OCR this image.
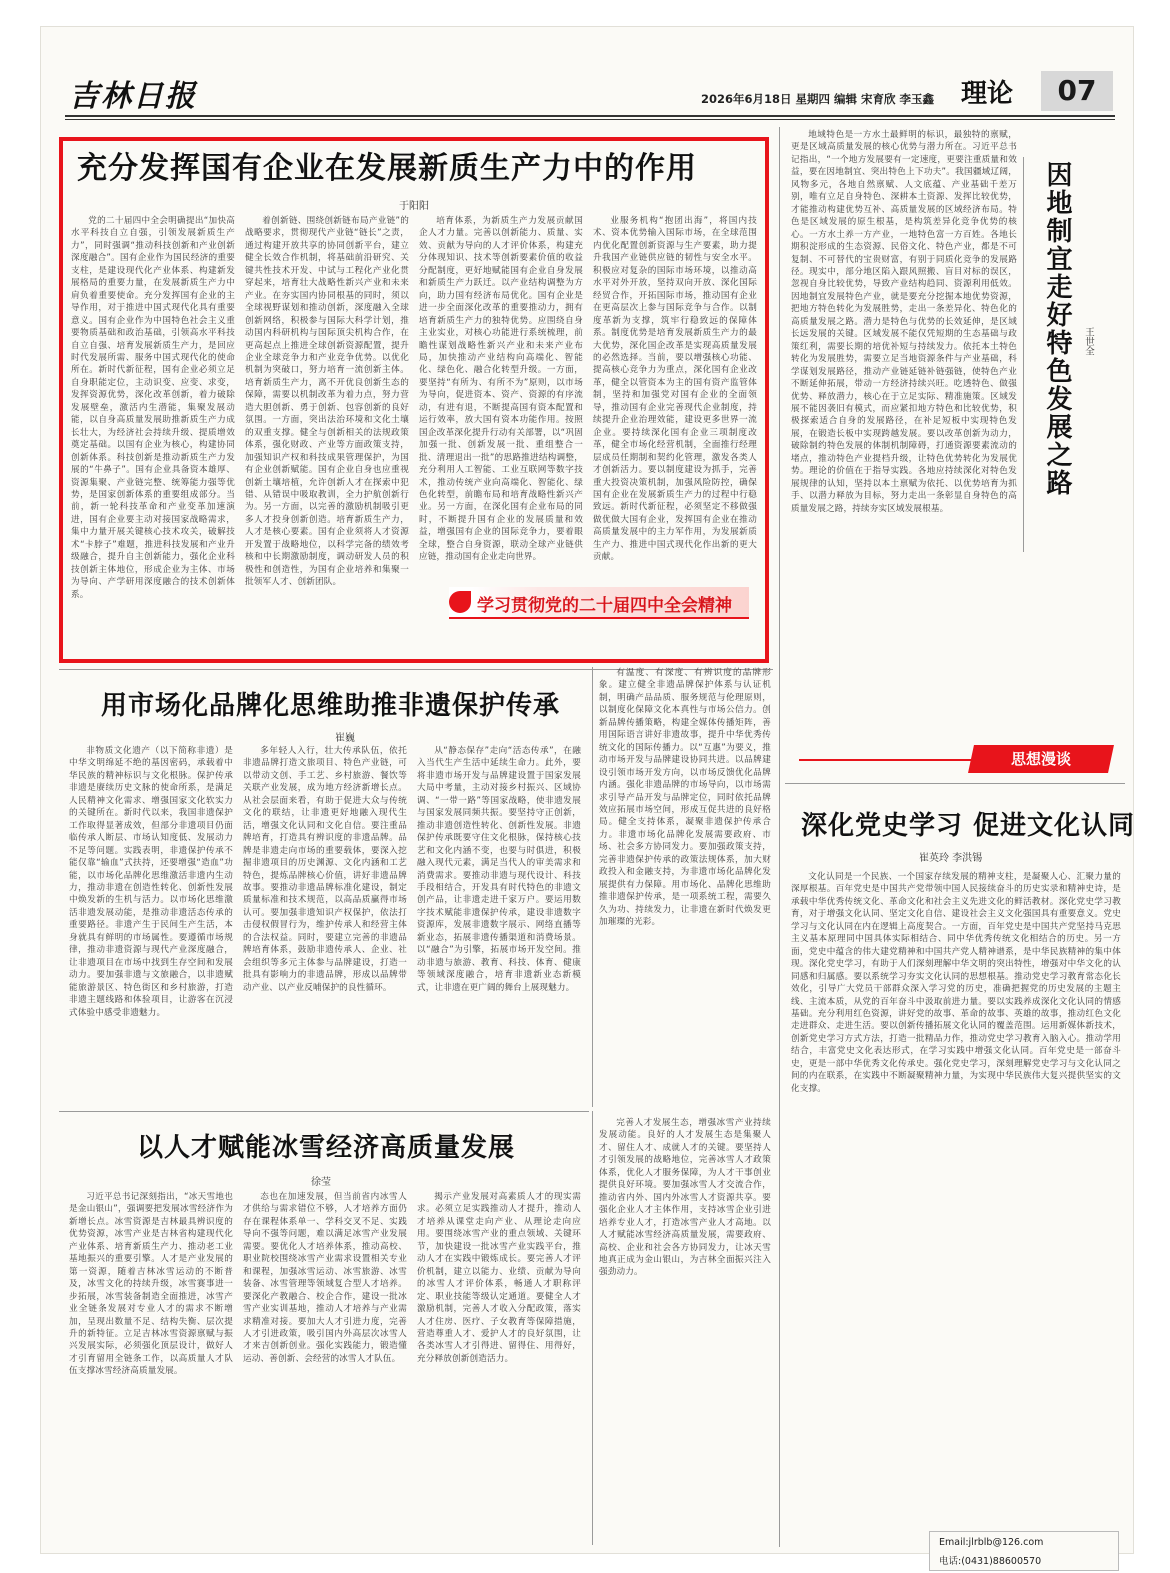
吉林日报	2026年6月18日 星期四 编辑 宋育欣 李玉鑫 理论	07
充分发挥国有企业在发展新质生产力中的作用
于阳阳

党的二十届四中全会明确提出“加快高水平科技自立自强，引领发展新质生产力”，同时强调“推动科技创新和产业创新深度融合”。国有企业作为国民经济的重要支柱，是建设现代化产业体系、构建新发展格局的重要力量，在发展新质生产力中肩负着重要使命。充分发挥国有企业的主导作用，对于推进中国式现代化具有重要意义。国有企业作为中国特色社会主义重要物质基础和政治基础，引领高水平科技自立自强、培育发展新质生产力，是回应时代发展所需、服务中国式现代化的使命所在。新时代新征程，国有企业必须立足自身职能定位，主动识变、应变、求变，发挥资源优势，深化改革创新，着力破除发展壁垒，激活内生潜能，集聚发展动能，以自身高质量发展助推新质生产力成长壮大，为经济社会持续升级、提质增效奠定基础。以国有企业为核心，构建协同创新体系。科技创新是推动新质生产力发展的“牛鼻子”。国有企业具备资本雄厚、资源集聚、产业链完整、统筹能力强等优势，是国家创新体系的重要组成部分。当前，新一轮科技革命和产业变革加速演进，国有企业要主动对接国家战略需求，集中力量开展关键核心技术攻关，破解技术“卡脖子”难题，推进科技发展和产业升级融合，提升自主创新能力，强化企业科技创新主体地位，形成企业为主体、市场为导向、产学研用深度融合的技术创新体系。

着创新链、围绕创新链布局产业链”的战略要求，贯彻现代产业链“链长”之责，通过构建开放共享的协同创新平台，建立健全长效合作机制，将基础前沿研究、关键共性技术开发、中试与工程化产业化贯穿起来，培育壮大战略性新兴产业和未来产业。在夯实国内协同根基的同时，须以全球视野谋划和推动创新，深度融入全球创新网络，积极参与国际大科学计划，推动国内科研机构与国际顶尖机构合作，在更高起点上推进全球创新资源配置，提升企业全球竞争力和产业竞争优势。以优化机制为突破口，努力培育一流创新主体。培育新质生产力，离不开优良创新生态的保障，需要以机制改革为着力点，努力营造大胆创新、勇于创新、包容创新的良好氛围。一方面，突出法治环境和文化土壤的双重支撑。健全与创新相关的法规政策体系，强化财政、产业等方面政策支持，加强知识产权和科技成果管理保护，为国有企业创新赋能。国有企业自身也应重视创新土壤培植，允许创新人才在探索中犯错、从错误中吸取教训，全力护航创新行为。另一方面，以完善的激励机制吸引更多人才投身创新创造。培育新质生产力，人才是核心要素。国有企业须将人才资源开发置于战略地位，以科学完备的绩效考核和中长期激励制度，调动研发人员的积极性和创造性，为国有企业培养和集聚一批领军人才、创新团队。

培育体系，为新质生产力发展贡献国企人才力量。完善以创新能力、质量、实效、贡献为导向的人才评价体系，构建充分体现知识、技术等创新要素价值的收益分配制度，更好地赋能国有企业自身发展和新质生产力跃迁。以产业结构调整为方向，助力国有经济布局优化。国有企业是进一步全面深化改革的重要推动力，拥有培育新质生产力的独特优势。应围绕自身主业实业，对核心功能进行系统梳理，前瞻性谋划战略性新兴产业和未来产业布局，加快推动产业结构向高端化、智能化、绿色化、融合化转型升级。一方面，要坚持“有所为、有所不为”原则，以市场为导向，促进资本、资产、资源的有序流动，有进有退，不断提高国有资本配置和运行效率，放大国有资本功能作用。按照国企改革深化提升行动有关部署，以“巩固加强一批、创新发展一批、重组整合一批、清理退出一批”的思路推进结构调整，充分利用人工智能、工业互联网等数字技术，推动传统产业向高端化、智能化、绿色化转型，前瞻布局和培育战略性新兴产业。另一方面，在深化国有企业布局的同时，不断提升国有企业的发展质量和效益，增强国有企业的国际竞争力，要着眼全球，整合自身资源，联动全球产业链供应链，推动国有企业走向世界。

业服务机构“抱团出海”，将国内技术、资本优势输入国际市场，在全球范围内优化配置创新资源与生产要素，助力提升我国产业链供应链的韧性与安全水平。积极应对复杂的国际市场环境，以推动高水平对外开放，坚持双向开放、深化国际经贸合作，开拓国际市场，推动国有企业在更高层次上参与国际竞争与合作。以制度革新为支撑，筑牢行稳致远的保障体系。制度优势是培育发展新质生产力的最大优势，深化国企改革是实现高质量发展的必然选择。当前，要以增强核心功能、提高核心竞争力为重点，深化国有企业改革，健全以管资本为主的国有资产监管体制，坚持和加强党对国有企业的全面领导，推动国有企业完善现代企业制度，持续提升企业治理效能，建设更多世界一流企业。要持续深化国有企业三项制度改革，健全市场化经营机制，全面推行经理层成员任期制和契约化管理，激发各类人才创新活力。要以制度建设为抓手，完善重大投资决策机制，加强风险防控，确保国有企业在发展新质生产力的过程中行稳致远。新时代新征程，必须坚定不移做强做优做大国有企业，发挥国有企业在推动高质量发展中的主力军作用，为发展新质生产力、推进中国式现代化作出新的更大贡献。

学习贯彻党的二十届四中全会精神
因地制宜走好特色发展之路 王世全

地域特色是一方水土最鲜明的标识，最独特的禀赋，更是区域高质量发展的核心优势与潜力所在。习近平总书记指出，“一个地方发展要有一定速度，更要注重质量和效益，要在因地制宜、突出特色上下功夫”。我国疆域辽阔，风物多元，各地自然禀赋、人文底蕴、产业基础千差万别，唯有立足自身特色、深耕本土资源、发挥比较优势，才能推动构建优势互补、高质量发展的区域经济布局。特色是区域发展的原生根基，是构筑差异化竞争优势的核心。一方水土养一方产业，一地特色富一方百姓。各地长期积淀形成的生态资源、民俗文化、特色产业，都是不可复制、不可替代的宝贵财富，有别于同质化竞争的发展路径。现实中，部分地区陷入跟风照搬、盲目对标的误区，忽视自身比较优势，导致产业结构趋同、资源利用低效。因地制宜发展特色产业，就是要充分挖掘本地优势资源，把地方特色转化为发展胜势，走出一条差异化、特色化的高质量发展之路。潜力是特色与优势的长效延伸，是区域长远发展的关键。区域发展不能仅凭短期的生态基础与政策红利，需要长期的培优补短与持续发力。依托本土特色转化为发展胜势，需要立足当地资源条件与产业基础，科学谋划发展路径，推动产业链延链补链强链，使特色产业不断延伸拓展，带动一方经济持续兴旺。吃透特色、做强优势、释放潜力，核心在于立足实际、精准施策。区域发展不能因袭旧有模式，而应紧扣地方特色和比较优势，积极探索适合自身的发展路径，在补足短板中实现特色发展，在锻造长板中实现跨越发展。要以改革创新为动力，破除制约特色发展的体制机制障碍，打通资源要素流动的堵点，推动特色产业提档升级，让特色优势转化为发展优势。理论的价值在于指导实践。各地应持续深化对特色发展规律的认知，坚持以本土禀赋为依托、以优势培育为抓手、以潜力释放为目标，努力走出一条彰显自身特色的高质量发展之路，持续夯实区域发展根基。

思想漫谈
深化党史学习 促进文化认同
崔英玲 李洪锡

文化认同是一个民族、一个国家存续发展的精神支柱，是凝聚人心、汇聚力量的深厚根基。百年党史是中国共产党带领中国人民接续奋斗的历史实录和精神史诗，是承载中华优秀传统文化、革命文化和社会主义先进文化的鲜活教材。深化党史学习教育，对于增强文化认同、坚定文化自信、建设社会主义文化强国具有重要意义。党史学习与文化认同在内在逻辑上高度契合。一方面，百年党史是中国共产党坚持马克思主义基本原理同中国具体实际相结合、同中华优秀传统文化相结合的历史。另一方面，党史中蕴含的伟大建党精神和中国共产党人精神谱系，是中华民族精神的集中体现。深化党史学习，有助于人们深刻理解中华文明的突出特性，增强对中华文化的认同感和归属感。要以系统学习夯实文化认同的思想根基。推动党史学习教育常态化长效化，引导广大党员干部群众深入学习党的历史，准确把握党的历史发展的主题主线、主流本质，从党的百年奋斗中汲取前进力量。要以实践养成深化文化认同的情感基础。充分利用红色资源，讲好党的故事、革命的故事、英雄的故事，推动红色文化走进群众、走进生活。要以创新传播拓展文化认同的覆盖范围。运用新媒体新技术，创新党史学习方式方法，打造一批精品力作，推动党史学习教育入脑入心。推动学用结合，丰富党史文化表达形式，在学习实践中增强文化认同。百年党史是一部奋斗史，更是一部中华优秀文化传承史。强化党史学习，深刻理解党史学习与文化认同之间的内在联系，在实践中不断凝聚精神力量，为实现中华民族伟大复兴提供坚实的文化支撑。

Email:jlrblb@126.com
电话:(0431)88600570
用市场化品牌化思维助推非遗保护传承
崔巍

非物质文化遗产（以下简称非遗）是中华文明绵延不绝的基因密码，承载着中华民族的精神标识与文化根脉。保护传承非遗是赓续历史文脉的使命所系，是满足人民精神文化需求、增强国家文化软实力的关键所在。新时代以来，我国非遗保护工作取得显著成效，但部分非遗项目仍面临传承人断层、市场认知度低、发展动力不足等问题。实践表明，非遗保护传承不能仅靠“输血”式扶持，还要增强“造血”功能，以市场化品牌化思维激活非遗内生动力，推动非遗在创造性转化、创新性发展中焕发新的生机与活力。以市场化思维激活非遗发展动能，是推动非遗活态传承的重要路径。非遗产生于民间生产生活，本身就具有鲜明的市场属性。要遵循市场规律，推动非遗资源与现代产业深度融合，让非遗项目在市场中找到生存空间和发展动力。要加强非遗与文旅融合，以非遗赋能旅游景区、特色街区和乡村旅游，打造非遗主题线路和体验项目，让游客在沉浸式体验中感受非遗魅力。

多年轻人入行，壮大传承队伍，依托非遗品牌打造文旅项目、特色产业链，可以带动文创、手工艺、乡村旅游、餐饮等关联产业发展，成为地方经济新增长点。从社会层面来看，有助于促进大众与传统文化的联结，让非遗更好地融入现代生活，增强文化认同和文化自信。要注重品牌培育，打造具有辨识度的非遗品牌。品牌是非遗走向市场的重要载体，要深入挖掘非遗项目的历史渊源、文化内涵和工艺特色，提炼品牌核心价值，讲好非遗品牌故事。要推动非遗品牌标准化建设，制定质量标准和技术规范，以高品质赢得市场认可。要加强非遗知识产权保护，依法打击侵权假冒行为，维护传承人和经营主体的合法权益。同时，要建立完善的非遗品牌培育体系，鼓励非遗传承人、企业、社会组织等多元主体参与品牌建设，打造一批具有影响力的非遗品牌，形成以品牌带动产业、以产业反哺保护的良性循环。

从“静态保存”走向“活态传承”，在融入当代生产生活中延续生命力。此外，要将非遗市场开发与品牌建设置于国家发展大局中考量，主动对接乡村振兴、区域协调、“一带一路”等国家战略，使非遗发展与国家发展同频共振。要坚持守正创新，推动非遗创造性转化、创新性发展。非遗保护传承既要守住文化根脉，保持核心技艺和文化内涵不变，也要与时俱进，积极融入现代元素，满足当代人的审美需求和消费需求。要推动非遗与现代设计、科技手段相结合，开发具有时代特色的非遗文创产品，让非遗走进千家万户。要运用数字技术赋能非遗保护传承，建设非遗数字资源库，发展非遗数字展示、网络直播等新业态，拓展非遗传播渠道和消费场景。以“融合”为引擎，拓展市场开发空间。推动非遗与旅游、教育、科技、体育、健康等领域深度融合，培育非遗新业态新模式，让非遗在更广阔的舞台上展现魅力。

有温度、有深度、有辨识度的品牌形象。建立健全非遗品牌保护体系与认证机制，明确产品品质、服务规范与伦理原则，以制度化保障文化本真性与市场公信力。创新品牌传播策略，构建全媒体传播矩阵，善用国际语言讲好非遗故事，提升中华优秀传统文化的国际传播力。以“互惠”为要义，推动市场开发与品牌建设协同共进。以品牌建设引领市场开发方向，以市场反馈优化品牌内涵。强化非遗品牌的市场导向，以市场需求引导产品开发与品牌定位，同时依托品牌效应拓展市场空间，形成互促共进的良好格局。健全支持体系，凝聚非遗保护传承合力。非遗市场化品牌化发展需要政府、市场、社会多方协同发力。要加强政策支持，完善非遗保护传承的政策法规体系，加大财政投入和金融支持，为非遗市场化品牌化发展提供有力保障。用市场化、品牌化思维助推非遗保护传承，是一项系统工程，需要久久为功、持续发力，让非遗在新时代焕发更加璀璨的光彩。

以人才赋能冰雪经济高质量发展
徐莹

习近平总书记深刻指出，“冰天雪地也是金山银山”，强调要把发展冰雪经济作为新增长点。冰雪资源是吉林最具辨识度的优势资源，冰雪产业是吉林省构建现代化产业体系、培育新质生产力、推动老工业基地振兴的重要引擎。人才是产业发展的第一资源，随着吉林冰雪运动的不断普及，冰雪文化的持续升级，冰雪赛事进一步拓展，冰雪装备制造全面推进，冰雪产业全链条发展对专业人才的需求不断增加，呈现出数量不足、结构失衡、层次提升的新特征。立足吉林冰雪资源禀赋与振兴发展实际，必须强化顶层设计，做好人才引育留用全链条工作，以高质量人才队伍支撑冰雪经济高质量发展。

态也在加速发展，但当前省内冰雪人才供给与需求错位不够，人才培养方面仍存在课程体系单一、学科交叉不足、实践导向不强等问题，难以满足冰雪产业发展需要。要优化人才培养体系，推动高校、职业院校围绕冰雪产业需求设置相关专业和课程，加强冰雪运动、冰雪旅游、冰雪装备、冰雪管理等领域复合型人才培养。要深化产教融合、校企合作，建设一批冰雪产业实训基地，推动人才培养与产业需求精准对接。要加大人才引进力度，完善人才引进政策，吸引国内外高层次冰雪人才来吉创新创业。强化实践能力，锻造懂运动、善创新、会经营的冰雪人才队伍。

揭示产业发展对高素质人才的现实需求。必须立足实践推动人才提升，推动人才培养从课堂走向产业、从理论走向应用。要围绕冰雪产业的重点领域、关键环节，加快建设一批冰雪产业实践平台，推动人才在实践中锻炼成长。要完善人才评价机制，建立以能力、业绩、贡献为导向的冰雪人才评价体系，畅通人才职称评定、职业技能等级认定通道。要健全人才激励机制，完善人才收入分配政策，落实人才住房、医疗、子女教育等保障措施，营造尊重人才、爱护人才的良好氛围，让各类冰雪人才引得进、留得住、用得好，充分释放创新创造活力。

完善人才发展生态，增强冰雪产业持续发展动能。良好的人才发展生态是集聚人才、留住人才、成就人才的关键。要坚持人才引领发展的战略地位，完善冰雪人才政策体系，优化人才服务保障，为人才干事创业提供良好环境。要加强冰雪人才交流合作，推动省内外、国内外冰雪人才资源共享。要强化企业人才主体作用，支持冰雪企业引进培养专业人才，打造冰雪产业人才高地。以人才赋能冰雪经济高质量发展，需要政府、高校、企业和社会各方协同发力，让冰天雪地真正成为金山银山，为吉林全面振兴注入强劲动力。
